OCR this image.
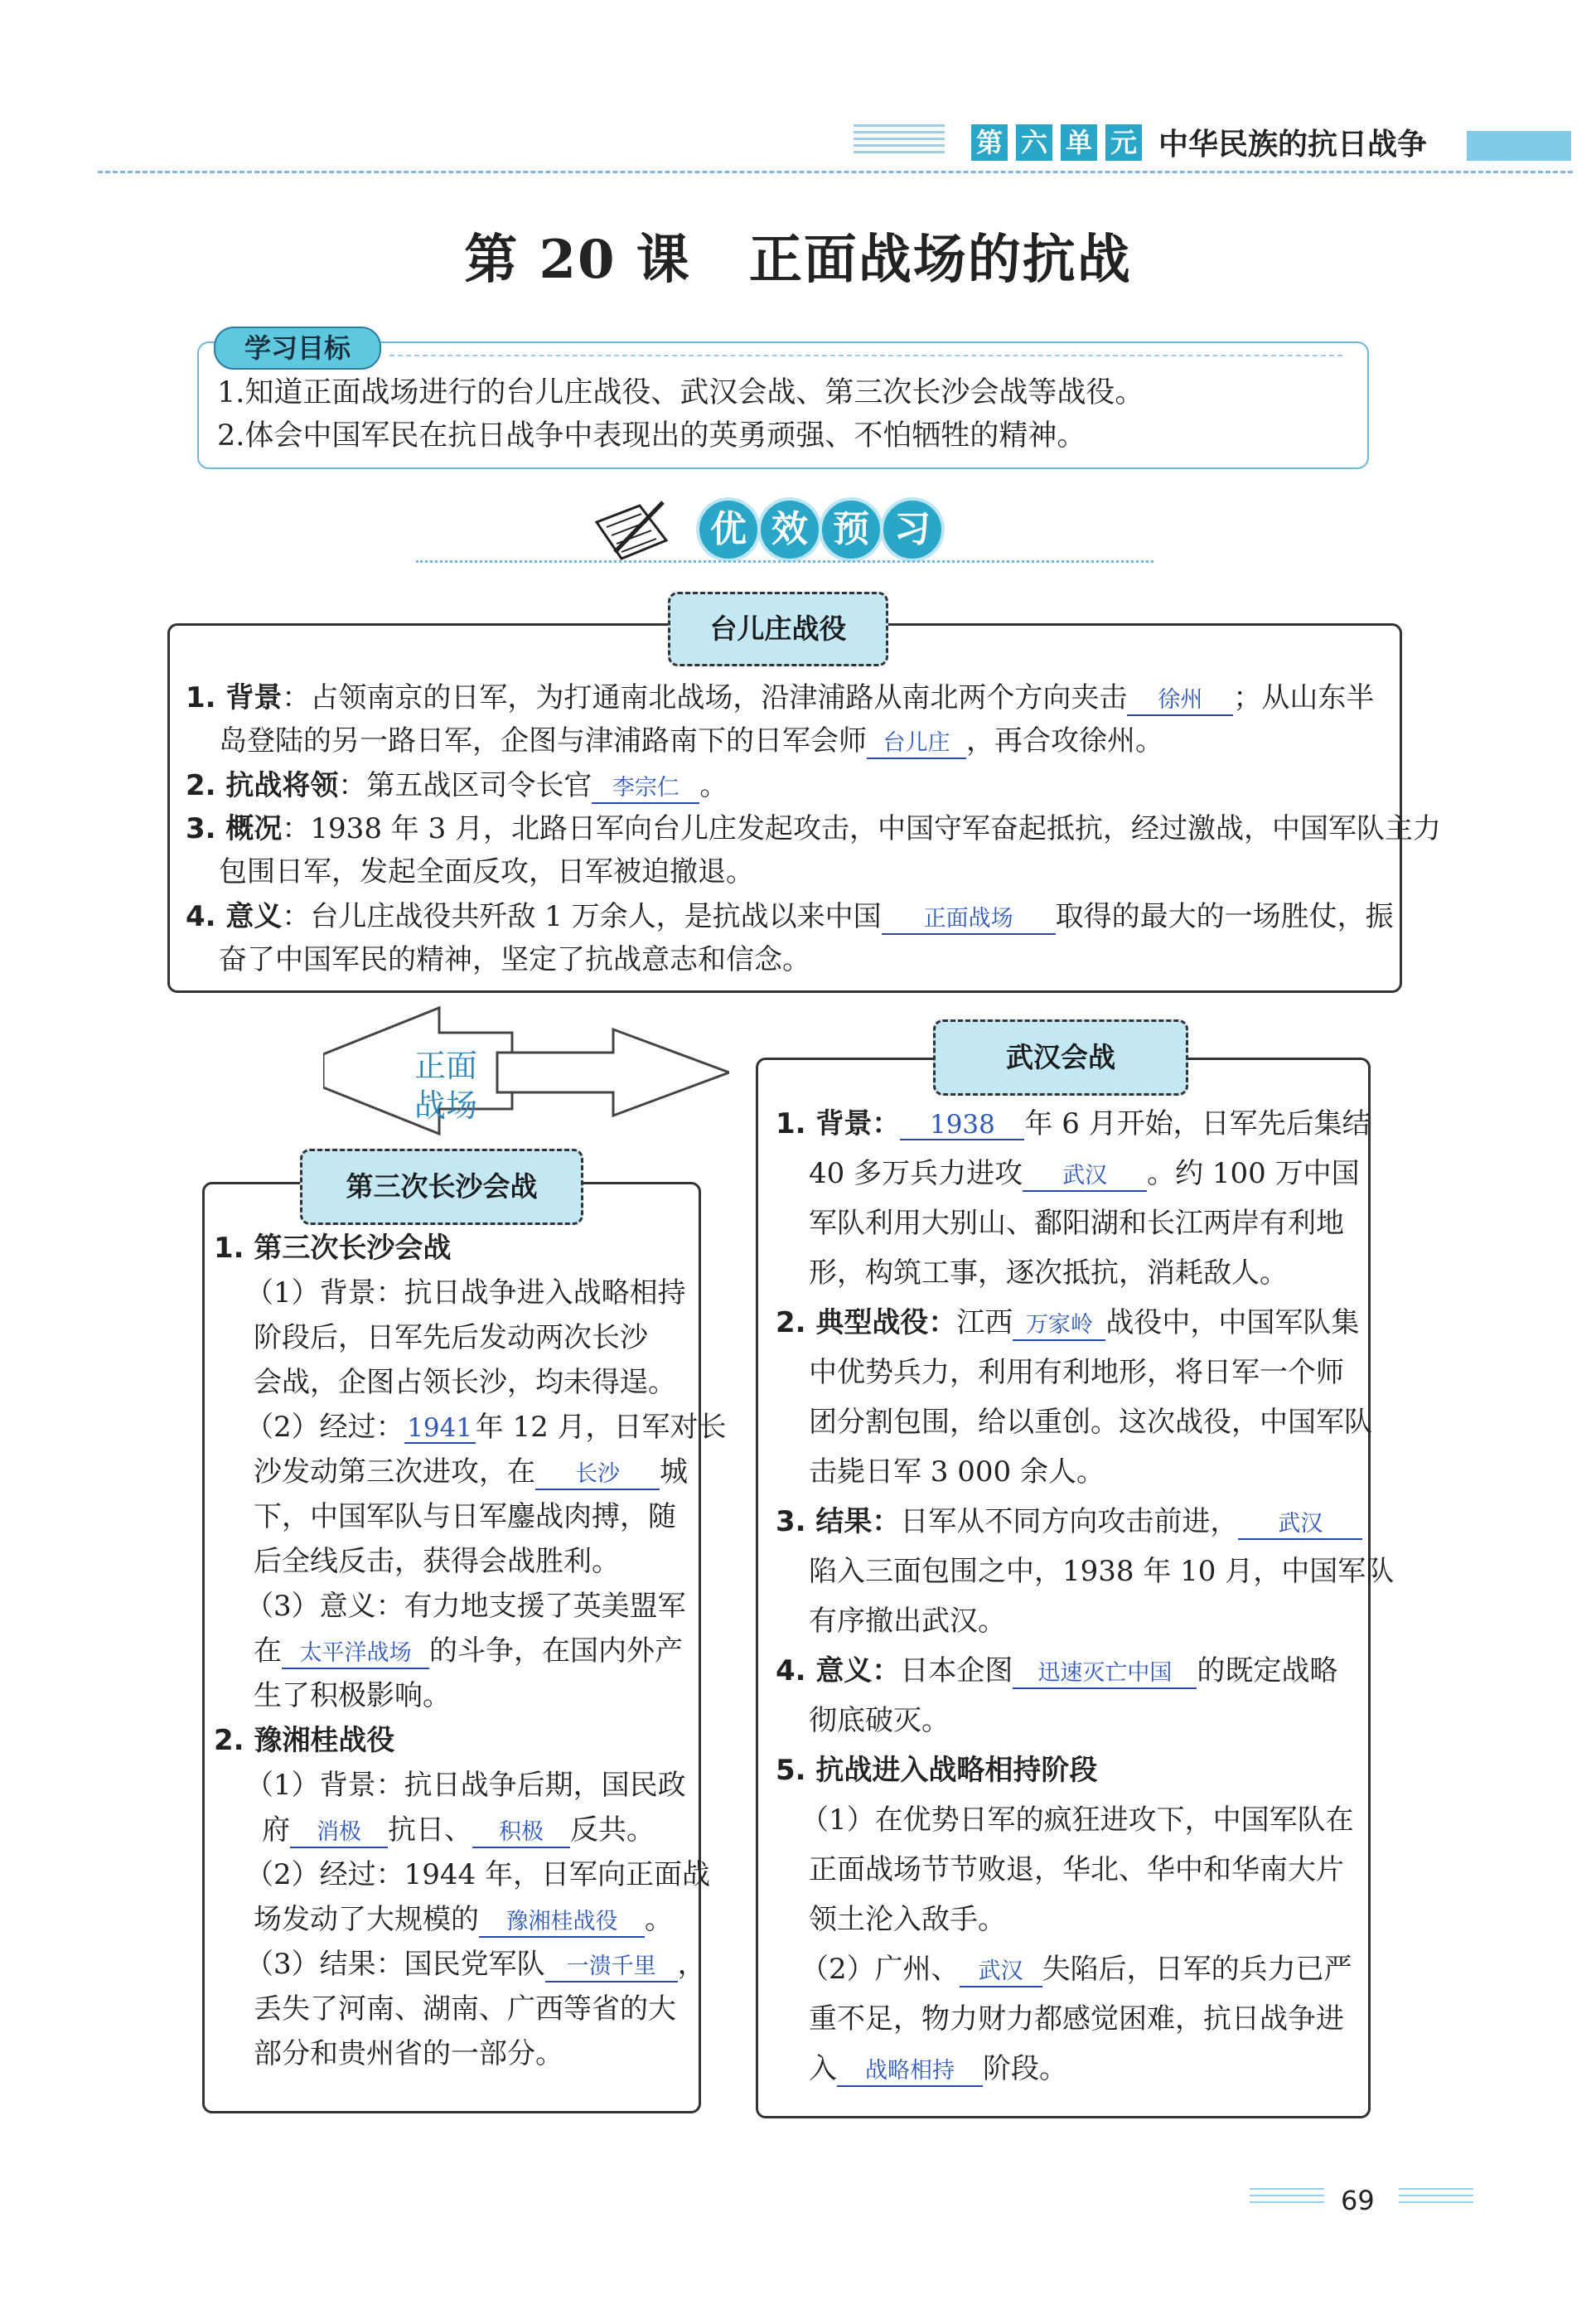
第 六 单 元 中华民族的抗日战争
第 20 课 正面战场的抗战
学习目标
1.知道正面战场进行的台儿庄战役、武汉会战、第三次长沙会战等战役。
2.体会中国军民在抗日战争中表现出的英勇顽强、不怕牺牲的精神。
优 效 预 习
台儿庄战役
1. 背景：占领南京的日军，为打通南北战场，沿津浦路从南北两个方向夹击 徐州 ；从山东半
岛登陆的另一路日军，企图与津浦路南下的日军会师 台儿庄 ，再合攻徐州。
2. 抗战将领：第五战区司令长官 李宗仁 。
3. 概况：1938 年 3 月，北路日军向台儿庄发起攻击，中国守军奋起抵抗，经过激战，中国军队主力
包围日军，发起全面反攻，日军被迫撤退。
4. 意义：台儿庄战役共歼敌 1 万余人，是抗战以来中国 正面战场 取得的最大的一场胜仗，振
奋了中国军民的精神，坚定了抗战意志和信念。
正面
战场
第三次长沙会战
1. 第三次长沙会战
（1）背景：抗日战争进入战略相持
阶段后，日军先后发动两次长沙
会战，企图占领长沙，均未得逞。
（2）经过： 1941 年 12 月，日军对长
沙发动第三次进攻，在 长沙 城
下，中国军队与日军鏖战肉搏，随
后全线反击，获得会战胜利。
（3）意义：有力地支援了英美盟军
在 太平洋战场 的斗争，在国内外产
生了积极影响。
2. 豫湘桂战役
（1）背景：抗日战争后期，国民政
府 消极 抗日、 积极 反共。
（2）经过：1944 年，日军向正面战
场发动了大规模的 豫湘桂战役 。
（3）结果：国民党军队 一溃千里 ，
丢失了河南、湖南、广西等省的大
部分和贵州省的一部分。
武汉会战
1. 背景： 1938 年 6 月开始，日军先后集结
40 多万兵力进攻 武汉 。约 100 万中国
军队利用大别山、鄱阳湖和长江两岸有利地
形，构筑工事，逐次抵抗，消耗敌人。
2. 典型战役：江西 万家岭 战役中，中国军队集
中优势兵力，利用有利地形，将日军一个师
团分割包围，给以重创。这次战役，中国军队
击毙日军 3 000 余人。
3. 结果：日军从不同方向攻击前进， 武汉
陷入三面包围之中，1938 年 10 月，中国军队
有序撤出武汉。
4. 意义：日本企图 迅速灭亡中国 的既定战略
彻底破灭。
5. 抗战进入战略相持阶段
（1）在优势日军的疯狂进攻下，中国军队在
正面战场节节败退，华北、华中和华南大片
领土沦入敌手。
（2）广州、 武汉 失陷后，日军的兵力已严
重不足，物力财力都感觉困难，抗日战争进
入 战略相持 阶段。
69
